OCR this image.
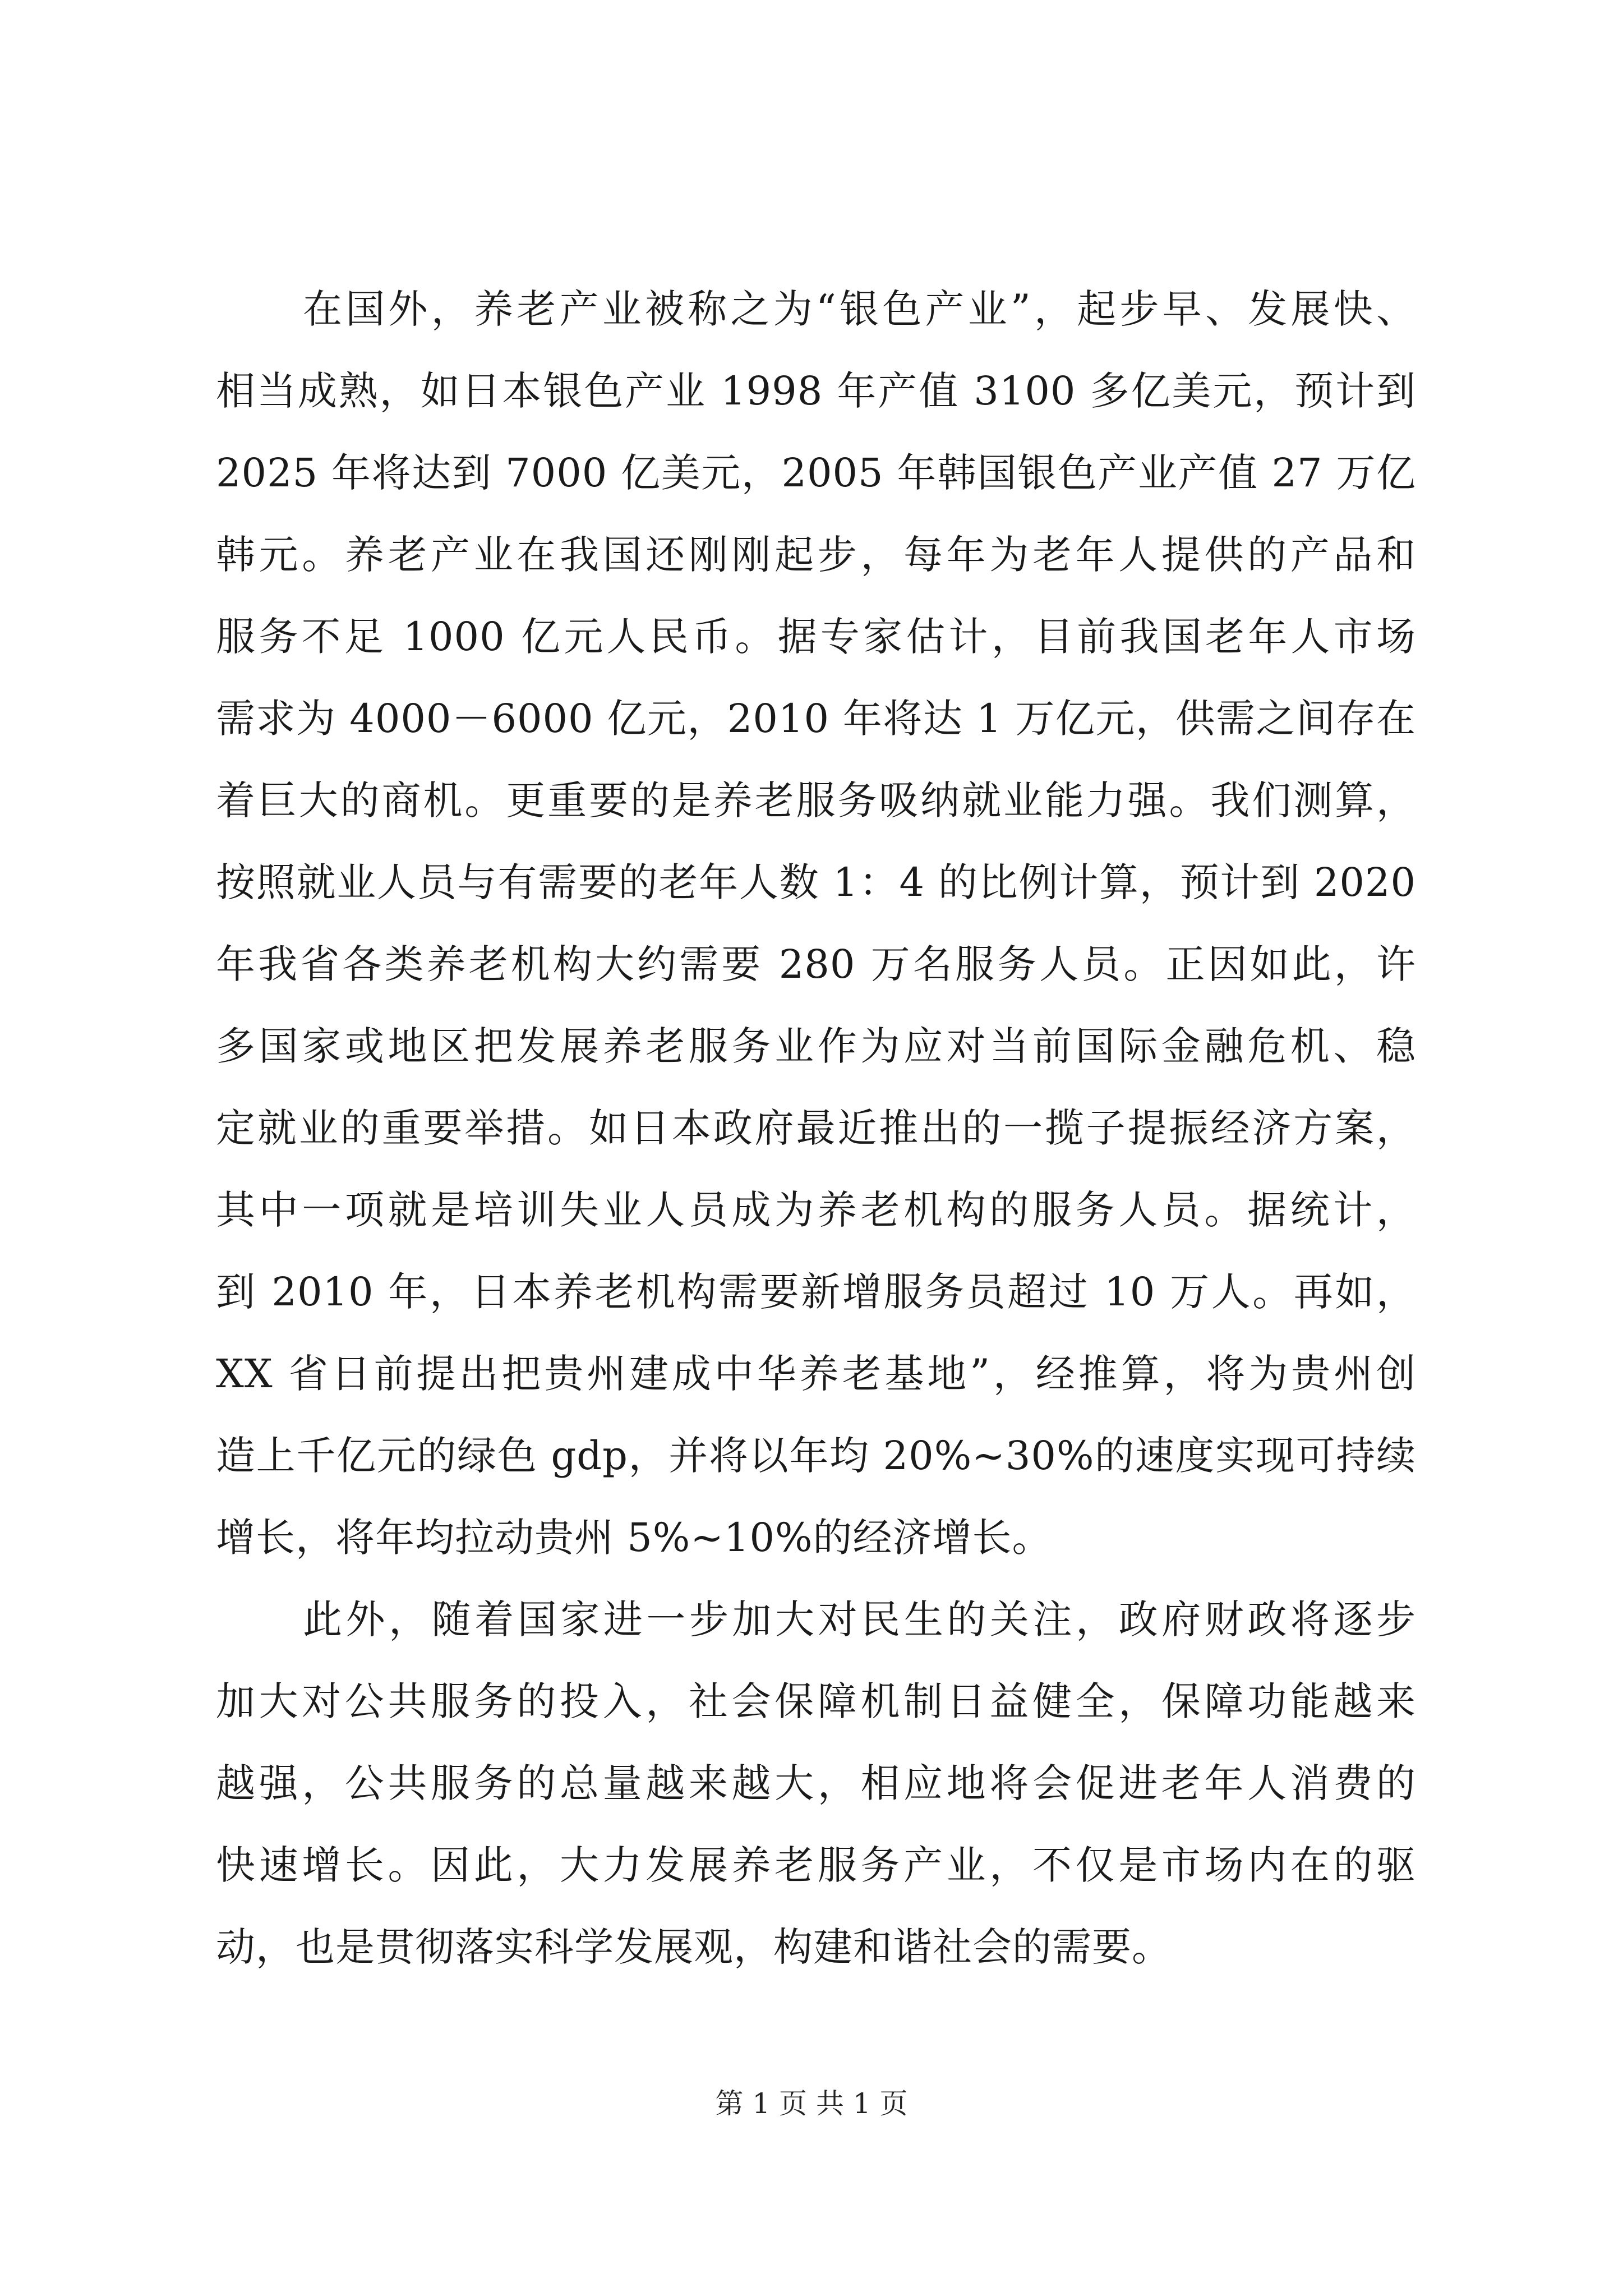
在国外，养老产业被称之为“银色产业”，起步早、发展快、
相当成熟，如日本银色产业 1998 年产值 3100 多亿美元，预计到
2025 年将达到 7000 亿美元，2005 年韩国银色产业产值 27 万亿
韩元。养老产业在我国还刚刚起步，每年为老年人提供的产品和
服务不足 1000 亿元人民币。据专家估计，目前我国老年人市场
需求为 4000－6000 亿元，2010 年将达 1 万亿元，供需之间存在
着巨大的商机。更重要的是养老服务吸纳就业能力强。我们测算，
按照就业人员与有需要的老年人数 1：4 的比例计算，预计到 2020
年我省各类养老机构大约需要 280 万名服务人员。正因如此，许
多国家或地区把发展养老服务业作为应对当前国际金融危机、稳
定就业的重要举措。如日本政府最近推出的一揽子提振经济方案，
其中一项就是培训失业人员成为养老机构的服务人员。据统计，
到 2010 年，日本养老机构需要新增服务员超过 10 万人。再如，
XX 省日前提出把贵州建成中华养老基地”，经推算，将为贵州创
造上千亿元的绿色 gdp，并将以年均 20%~30%的速度实现可持续
增长，将年均拉动贵州 5%~10%的经济增长。
此外，随着国家进一步加大对民生的关注，政府财政将逐步
加大对公共服务的投入，社会保障机制日益健全，保障功能越来
越强，公共服务的总量越来越大，相应地将会促进老年人消费的
快速增长。因此，大力发展养老服务产业，不仅是市场内在的驱
动，也是贯彻落实科学发展观，构建和谐社会的需要。
第 1 页 共 1 页
